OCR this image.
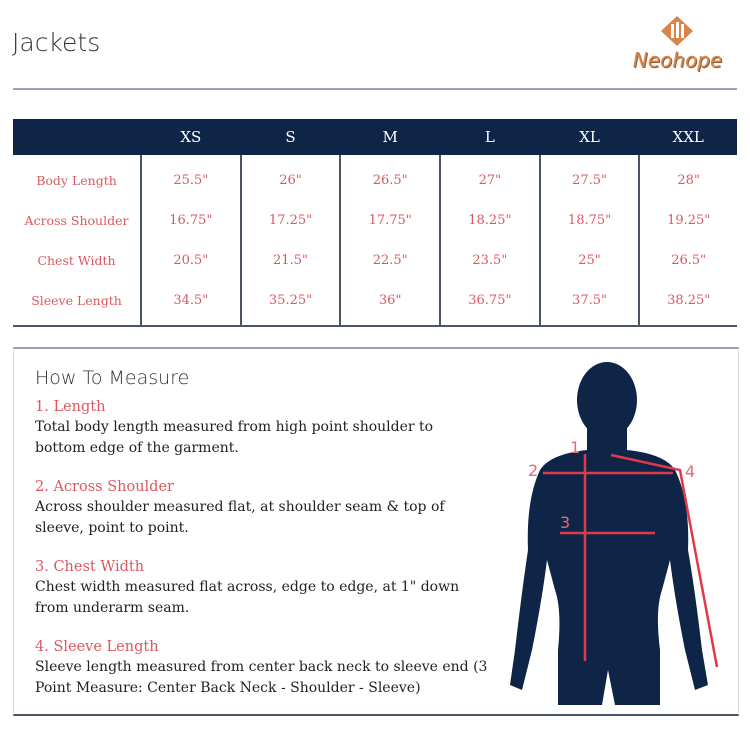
Jackets
Neohope
	XS	S	M	L	XL	XXL
Body Length	25.5"	26"	26.5"	27"	27.5"	28"
Across Shoulder	16.75"	17.25"	17.75"	18.25"	18.75"	19.25"
Chest Width	20.5"	21.5"	22.5"	23.5"	25"	26.5"
Sleeve Length	34.5"	35.25"	36"	36.75"	37.5"	38.25"
How To Measure
1. Length

Total body length measured from high point shoulder to bottom edge of the garment.

2. Across Shoulder

Across shoulder measured flat, at shoulder seam & top of sleeve, point to point.

3. Chest Width

Chest width measured flat across, edge to edge, at 1" down from underarm seam.

4. Sleeve Length

Sleeve length measured from center back neck to sleeve end (3 Point Measure: Center Back Neck - Shoulder - Sleeve)

1
2
3
4
